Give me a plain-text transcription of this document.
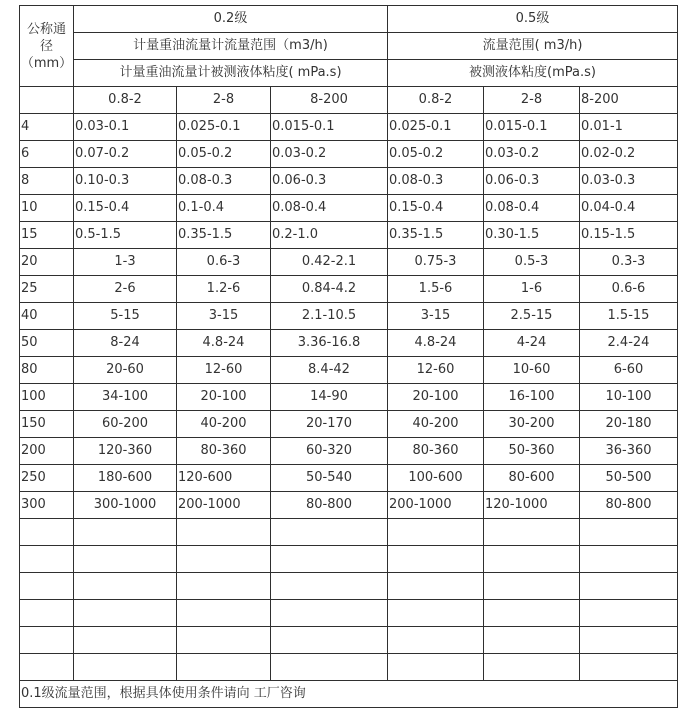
公称通
径
（mm）	0.2级			0.5级		
	计量重油流量计流量范围（m3/h)			流量范围( m3/h)		
	计量重油流量计被测液体粘度( mPa.s)			被测液体粘度(mPa.s)		
	0.8-2	2-8	8-200	0.8-2	2-8	8-200
4	0.03-0.1	0.025-0.1	0.015-0.1	0.025-0.1	0.015-0.1	0.01-1
6	0.07-0.2	0.05-0.2	0.03-0.2	0.05-0.2	0.03-0.2	0.02-0.2
8	0.10-0.3	0.08-0.3	0.06-0.3	0.08-0.3	0.06-0.3	0.03-0.3
10	0.15-0.4	0.1-0.4	0.08-0.4	0.15-0.4	0.08-0.4	0.04-0.4
15	0.5-1.5	0.35-1.5	0.2-1.0	0.35-1.5	0.30-1.5	0.15-1.5
20	1-3	0.6-3	0.42-2.1	0.75-3	0.5-3	0.3-3
25	2-6	1.2-6	0.84-4.2	1.5-6	1-6	0.6-6
40	5-15	3-15	2.1-10.5	3-15	2.5-15	1.5-15
50	8-24	4.8-24	3.36-16.8	4.8-24	4-24	2.4-24
80	20-60	12-60	8.4-42	12-60	10-60	6-60
100	34-100	20-100	14-90	20-100	16-100	10-100
150	60-200	40-200	20-170	40-200	30-200	20-180
200	120-360	80-360	60-320	80-360	50-360	36-360
250	180-600	120-600	50-540	100-600	80-600	50-500
300	300-1000	200-1000	80-800	200-1000	120-1000	80-800

0.1级流量范围，根据具体使用条件请向 工厂咨询						
